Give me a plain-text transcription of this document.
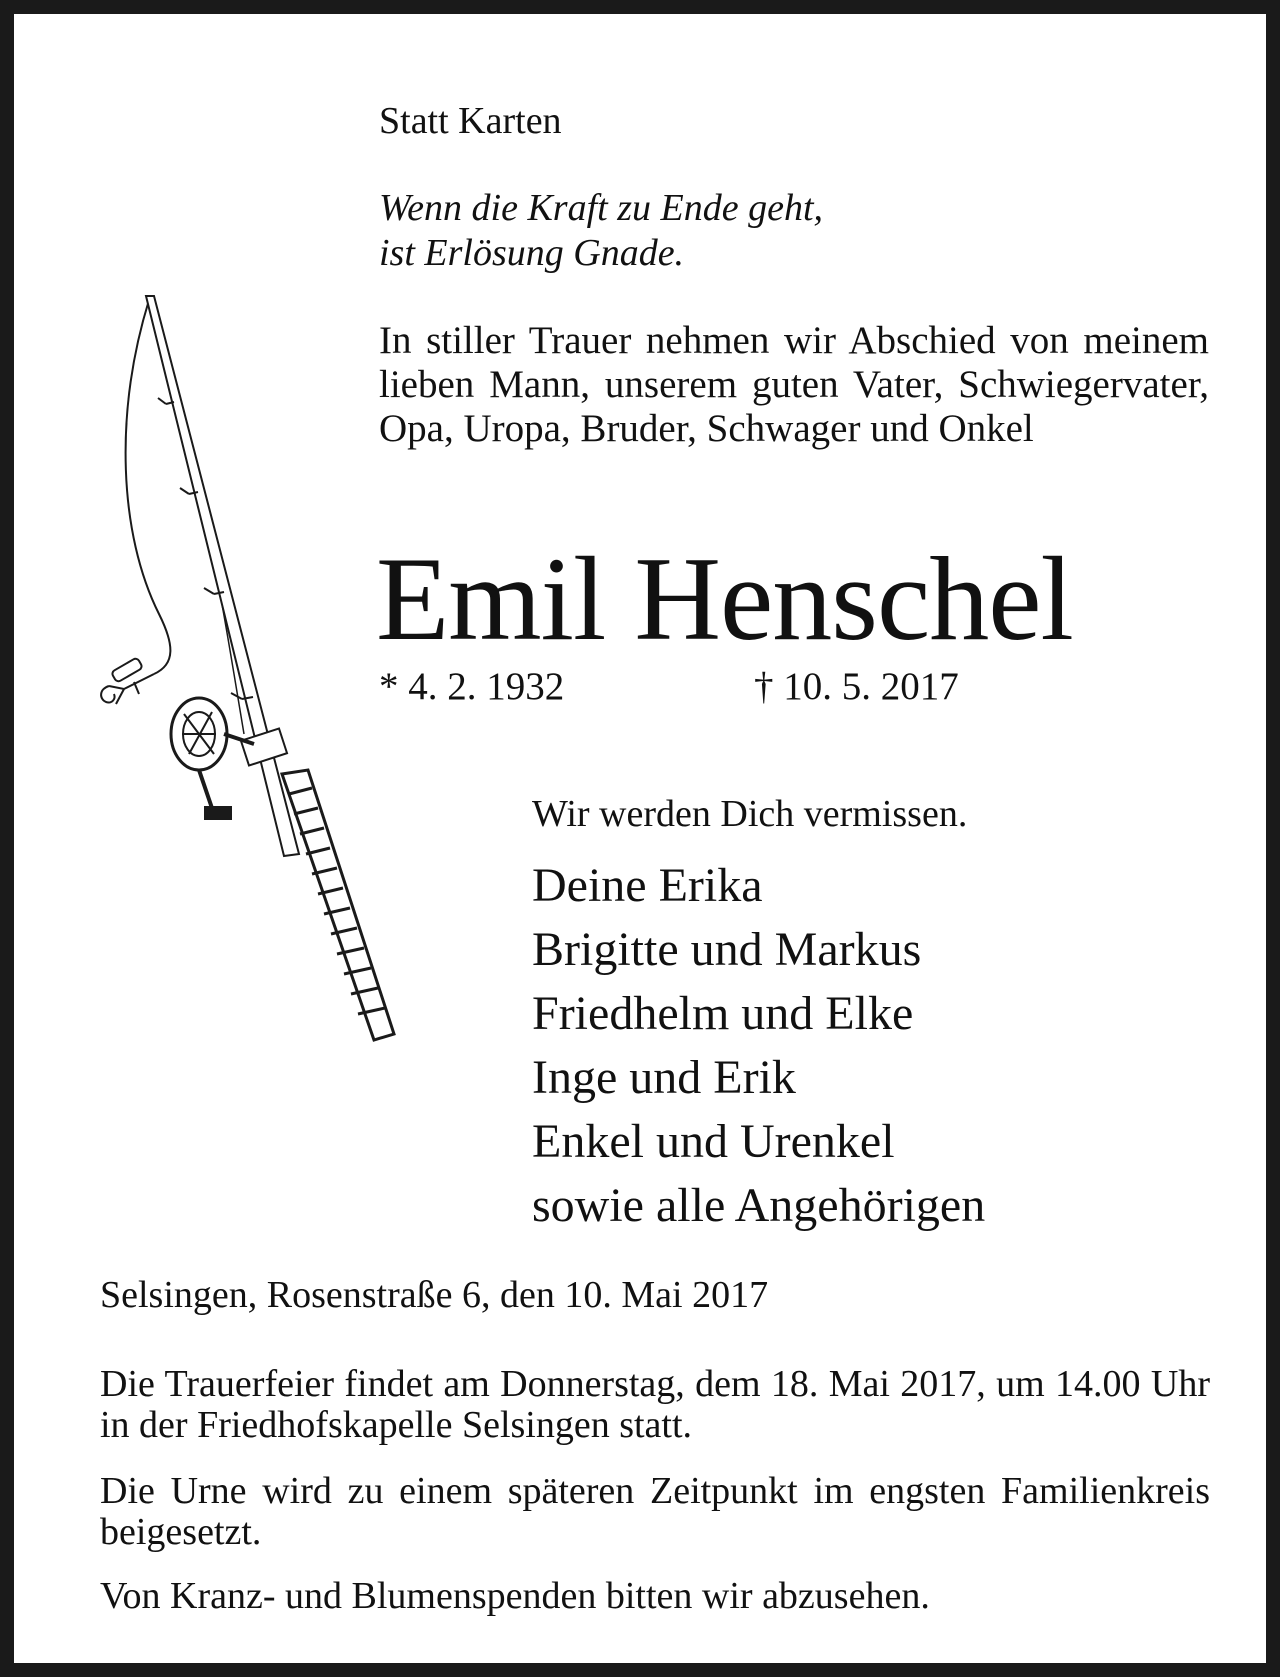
Statt Karten

Wenn die Kraft zu Ende geht,
ist Erlösung Gnade.

In stiller Trauer nehmen wir Abschied von meinem lieben Mann, unserem guten Vater, Schwiegervater, Opa, Uropa, Bruder, Schwager und Onkel

Emil Henschel

* 4. 2. 1932	† 10. 5. 2017

Wir werden Dich vermissen.

Deine Erika
Brigitte und Markus
Friedhelm und Elke
Inge und Erik
Enkel und Urenkel
sowie alle Angehörigen

Selsingen, Rosenstraße 6, den 10. Mai 2017

Die Trauerfeier findet am Donnerstag, dem 18. Mai 2017, um 14.00 Uhr in der Friedhofskapelle Selsingen statt.

Die Urne wird zu einem späteren Zeitpunkt im engsten Familienkreis beigesetzt.

Von Kranz- und Blumenspenden bitten wir abzusehen.
